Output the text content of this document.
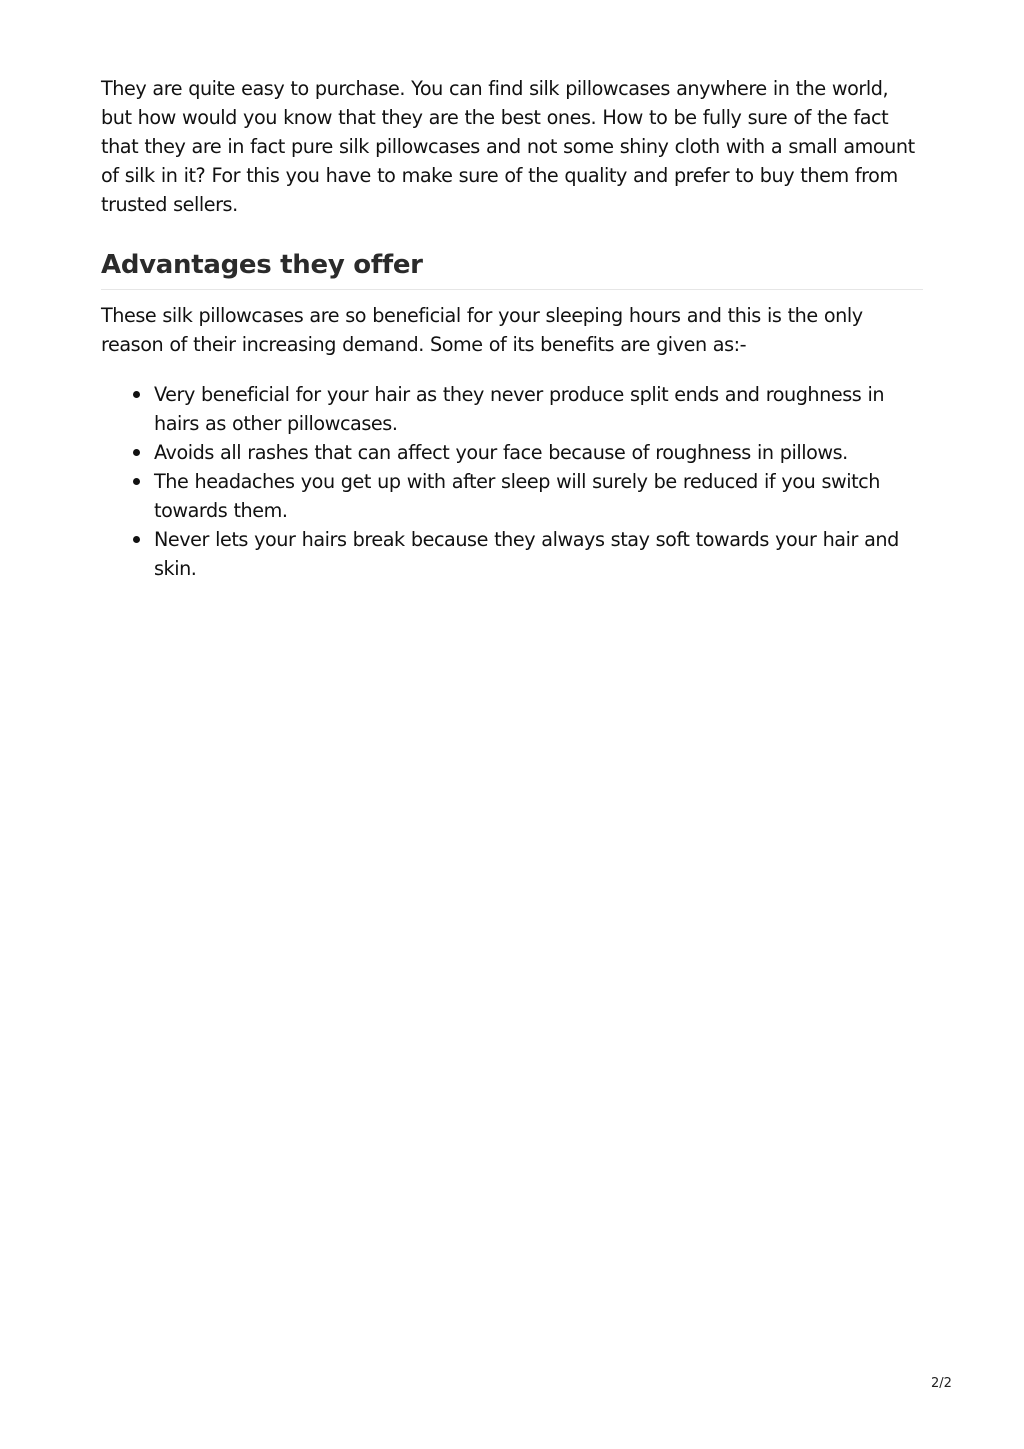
They are quite easy to purchase. You can find silk pillowcases anywhere in the world, but how would you know that they are the best ones. How to be fully sure of the fact that they are in fact pure silk pillowcases and not some shiny cloth with a small amount of silk in it? For this you have to make sure of the quality and prefer to buy them from trusted sellers.

Advantages they offer

These silk pillowcases are so beneficial for your sleeping hours and this is the only reason of their increasing demand. Some of its benefits are given as:-

Very beneficial for your hair as they never produce split ends and roughness in hairs as other pillowcases.
Avoids all rashes that can affect your face because of roughness in pillows.
The headaches you get up with after sleep will surely be reduced if you switch towards them.
Never lets your hairs break because they always stay soft towards your hair and skin.
2/2
